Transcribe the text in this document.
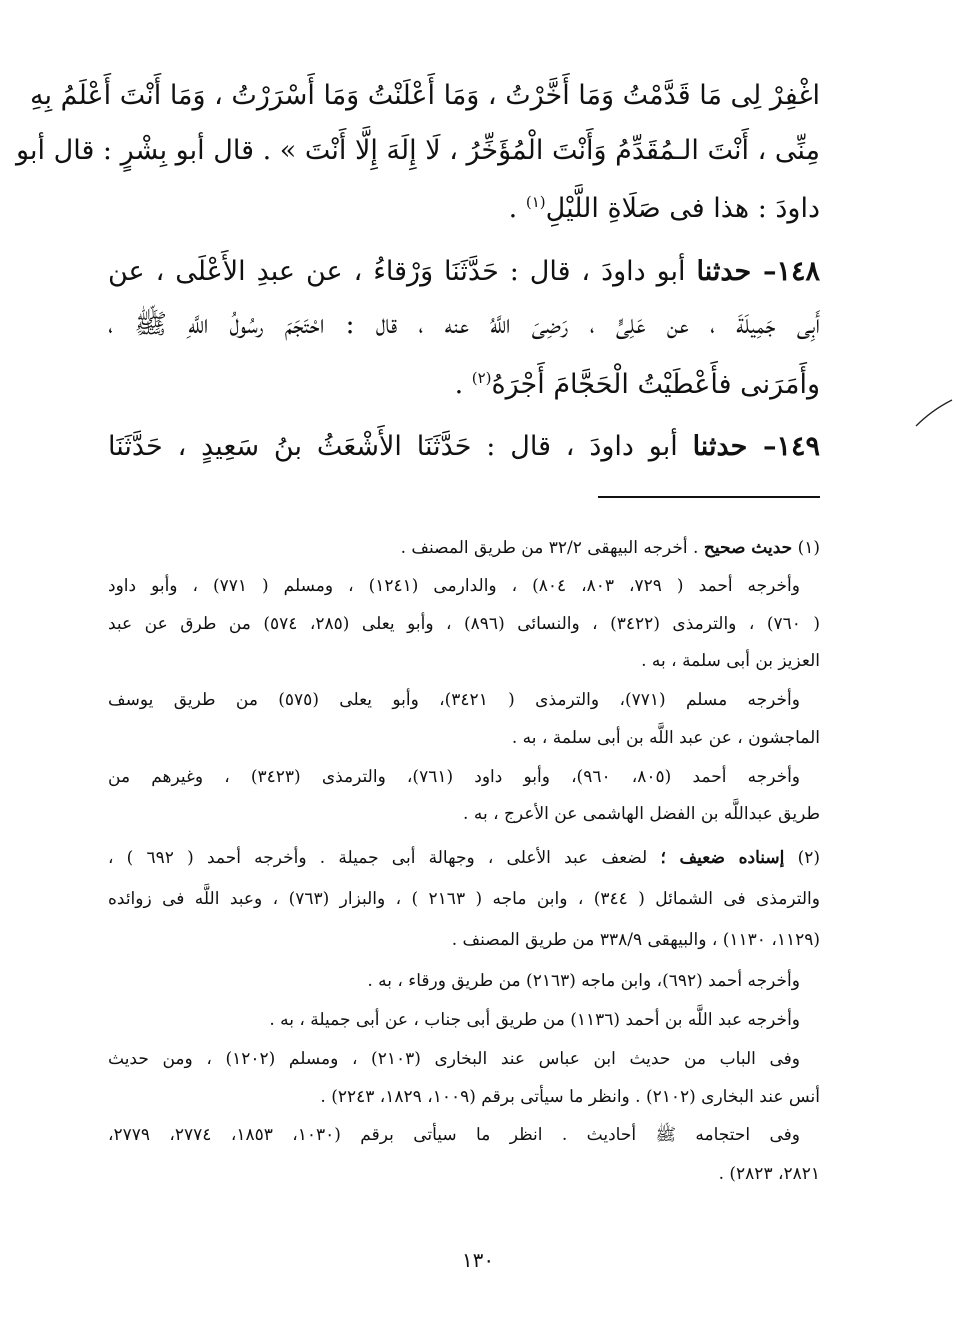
اغْفِرْ لِى مَا قَدَّمْتُ وَمَا أَخَّرْتُ ، وَمَا أَعْلَنْتُ وَمَا أَسْرَرْتُ ، وَمَا أَنْتَ أَعْلَمُ بِهِ
مِنِّى ، أَنْتَ الـمُقَدِّمُ وَأَنْتَ الْمُؤَخِّرُ ، لَا إِلَهَ إِلَّا أَنْتَ » . قال أبو بِشْرٍ : قال أبو
داودَ : هذا فى صَلَاةِ اللَّيْلِ$^{(١)}$ .
١٤٨– حدثنا أبو داودَ ، قال : حَدَّثَنَا وَرْقاءُ ، عن عبدِ الأَعْلَى ، عن
أَبِى جَمِيلَةَ ، عن عَلِىٍّ ، رَضِىَ اللَّهُ عنه ، قال : احْتَجَمَ رسُولُ اللَّهِ ﷺ ،
وأَمَرَنى فأَعْطَيْتُ الْحَجَّامَ أَجْرَهُ$^{(٢)}$ .
١٤٩– حدثنا أبو داودَ ، قال : حَدَّثَنَا الأَشْعَثُ بنُ سَعِيدٍ ، حَدَّثَنَا
(١) حديث صحيح . أخرجه البيهقى ٣٢/٢ من طريق المصنف .
وأخرجه أحمد ( ٧٢٩، ٨٠٣، ٨٠٤) ، والدارمى (١٢٤١) ، ومسلم ( ٧٧١) ، وأبو داود
( ٧٦٠) ، والترمذى (٣٤٢٢) ، والنسائى (٨٩٦) ، وأبو يعلى (٢٨٥، ٥٧٤) من طرق عن عبد
العزيز بن أبى سلمة ، به .
وأخرجه مسلم (٧٧١)، والترمذى ( ٣٤٢١)، وأبو يعلى (٥٧٥) من طريق يوسف
الماجشون ، عن عبد اللَّه بن أبى سلمة ، به .
وأخرجه أحمد (٨٠٥، ٩٦٠)، وأبو داود (٧٦١)، والترمذى (٣٤٢٣) ، وغيرهم من
طريق عبداللَّه بن الفضل الهاشمى عن الأعرج ، به .
(٢) إسناده ضعيف ؛ لضعف عبد الأعلى ، وجهالة أبى جميلة . وأخرجه أحمد ( ٦٩٢ ) ،
والترمذى فى الشمائل ( ٣٤٤) ، وابن ماجه ( ٢١٦٣ ) ، والبزار (٧٦٣) ، وعبد اللَّه فى زوائده
(١١٢٩، ١١٣٠) ، والبيهقى ٣٣٨/٩ من طريق المصنف .
وأخرجه أحمد (٦٩٢)، وابن ماجه (٢١٦٣) من طريق ورقاء ، به .
وأخرجه عبد اللَّه بن أحمد (١١٣٦) من طريق أبى جناب ، عن أبى جميلة ، به .
وفى الباب من حديث ابن عباس عند البخارى (٢١٠٣) ، ومسلم (١٢٠٢) ، ومن حديث
أنس عند البخارى (٢١٠٢) . وانظر ما سيأتى برقم (١٠٠٩، ١٨٢٩، ٢٢٤٣) .
وفى احتجامه ﷺ أحاديث . انظر ما سيأتى برقم (١٠٣٠، ١٨٥٣، ٢٧٧٤، ٢٧٧٩،
٢٨٢١، ٢٨٢٣) .
١٣٠
